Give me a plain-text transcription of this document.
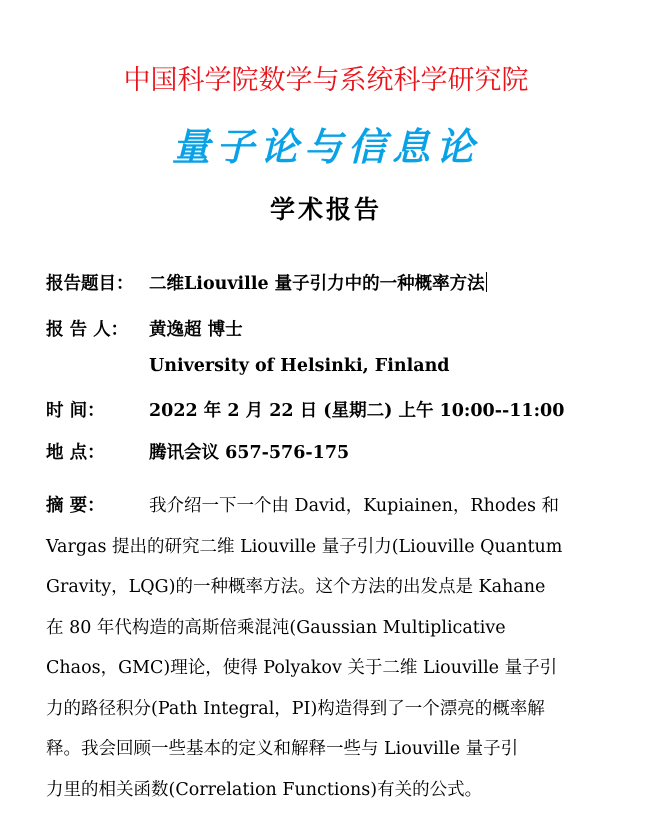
中国科学院数学与系统科学研究院
量子论与信息论
学术报告
报告题目： 二维Liouville 量子引力中的一种概率方法
报 告 人： 黄逸超 博士
University of Helsinki, Finland
时 间：	2022 年 2 月 22 日 (星期二) 上午 10:00--11:00
地 点：	腾讯会议 657-576-175
摘 要：	我介绍一下一个由 David，Kupiainen，Rhodes 和
Vargas 提出的研究二维 Liouville 量子引力(Liouville Quantum
Gravity，LQG)的一种概率方法。这个方法的出发点是 Kahane
在 80 年代构造的高斯倍乘混沌(Gaussian Multiplicative
Chaos，GMC)理论，使得 Polyakov 关于二维 Liouville 量子引
力的路径积分(Path Integral，PI)构造得到了一个漂亮的概率解
释。我会回顾一些基本的定义和解释一些与 Liouville 量子引
力里的相关函数(Correlation Functions)有关的公式。
